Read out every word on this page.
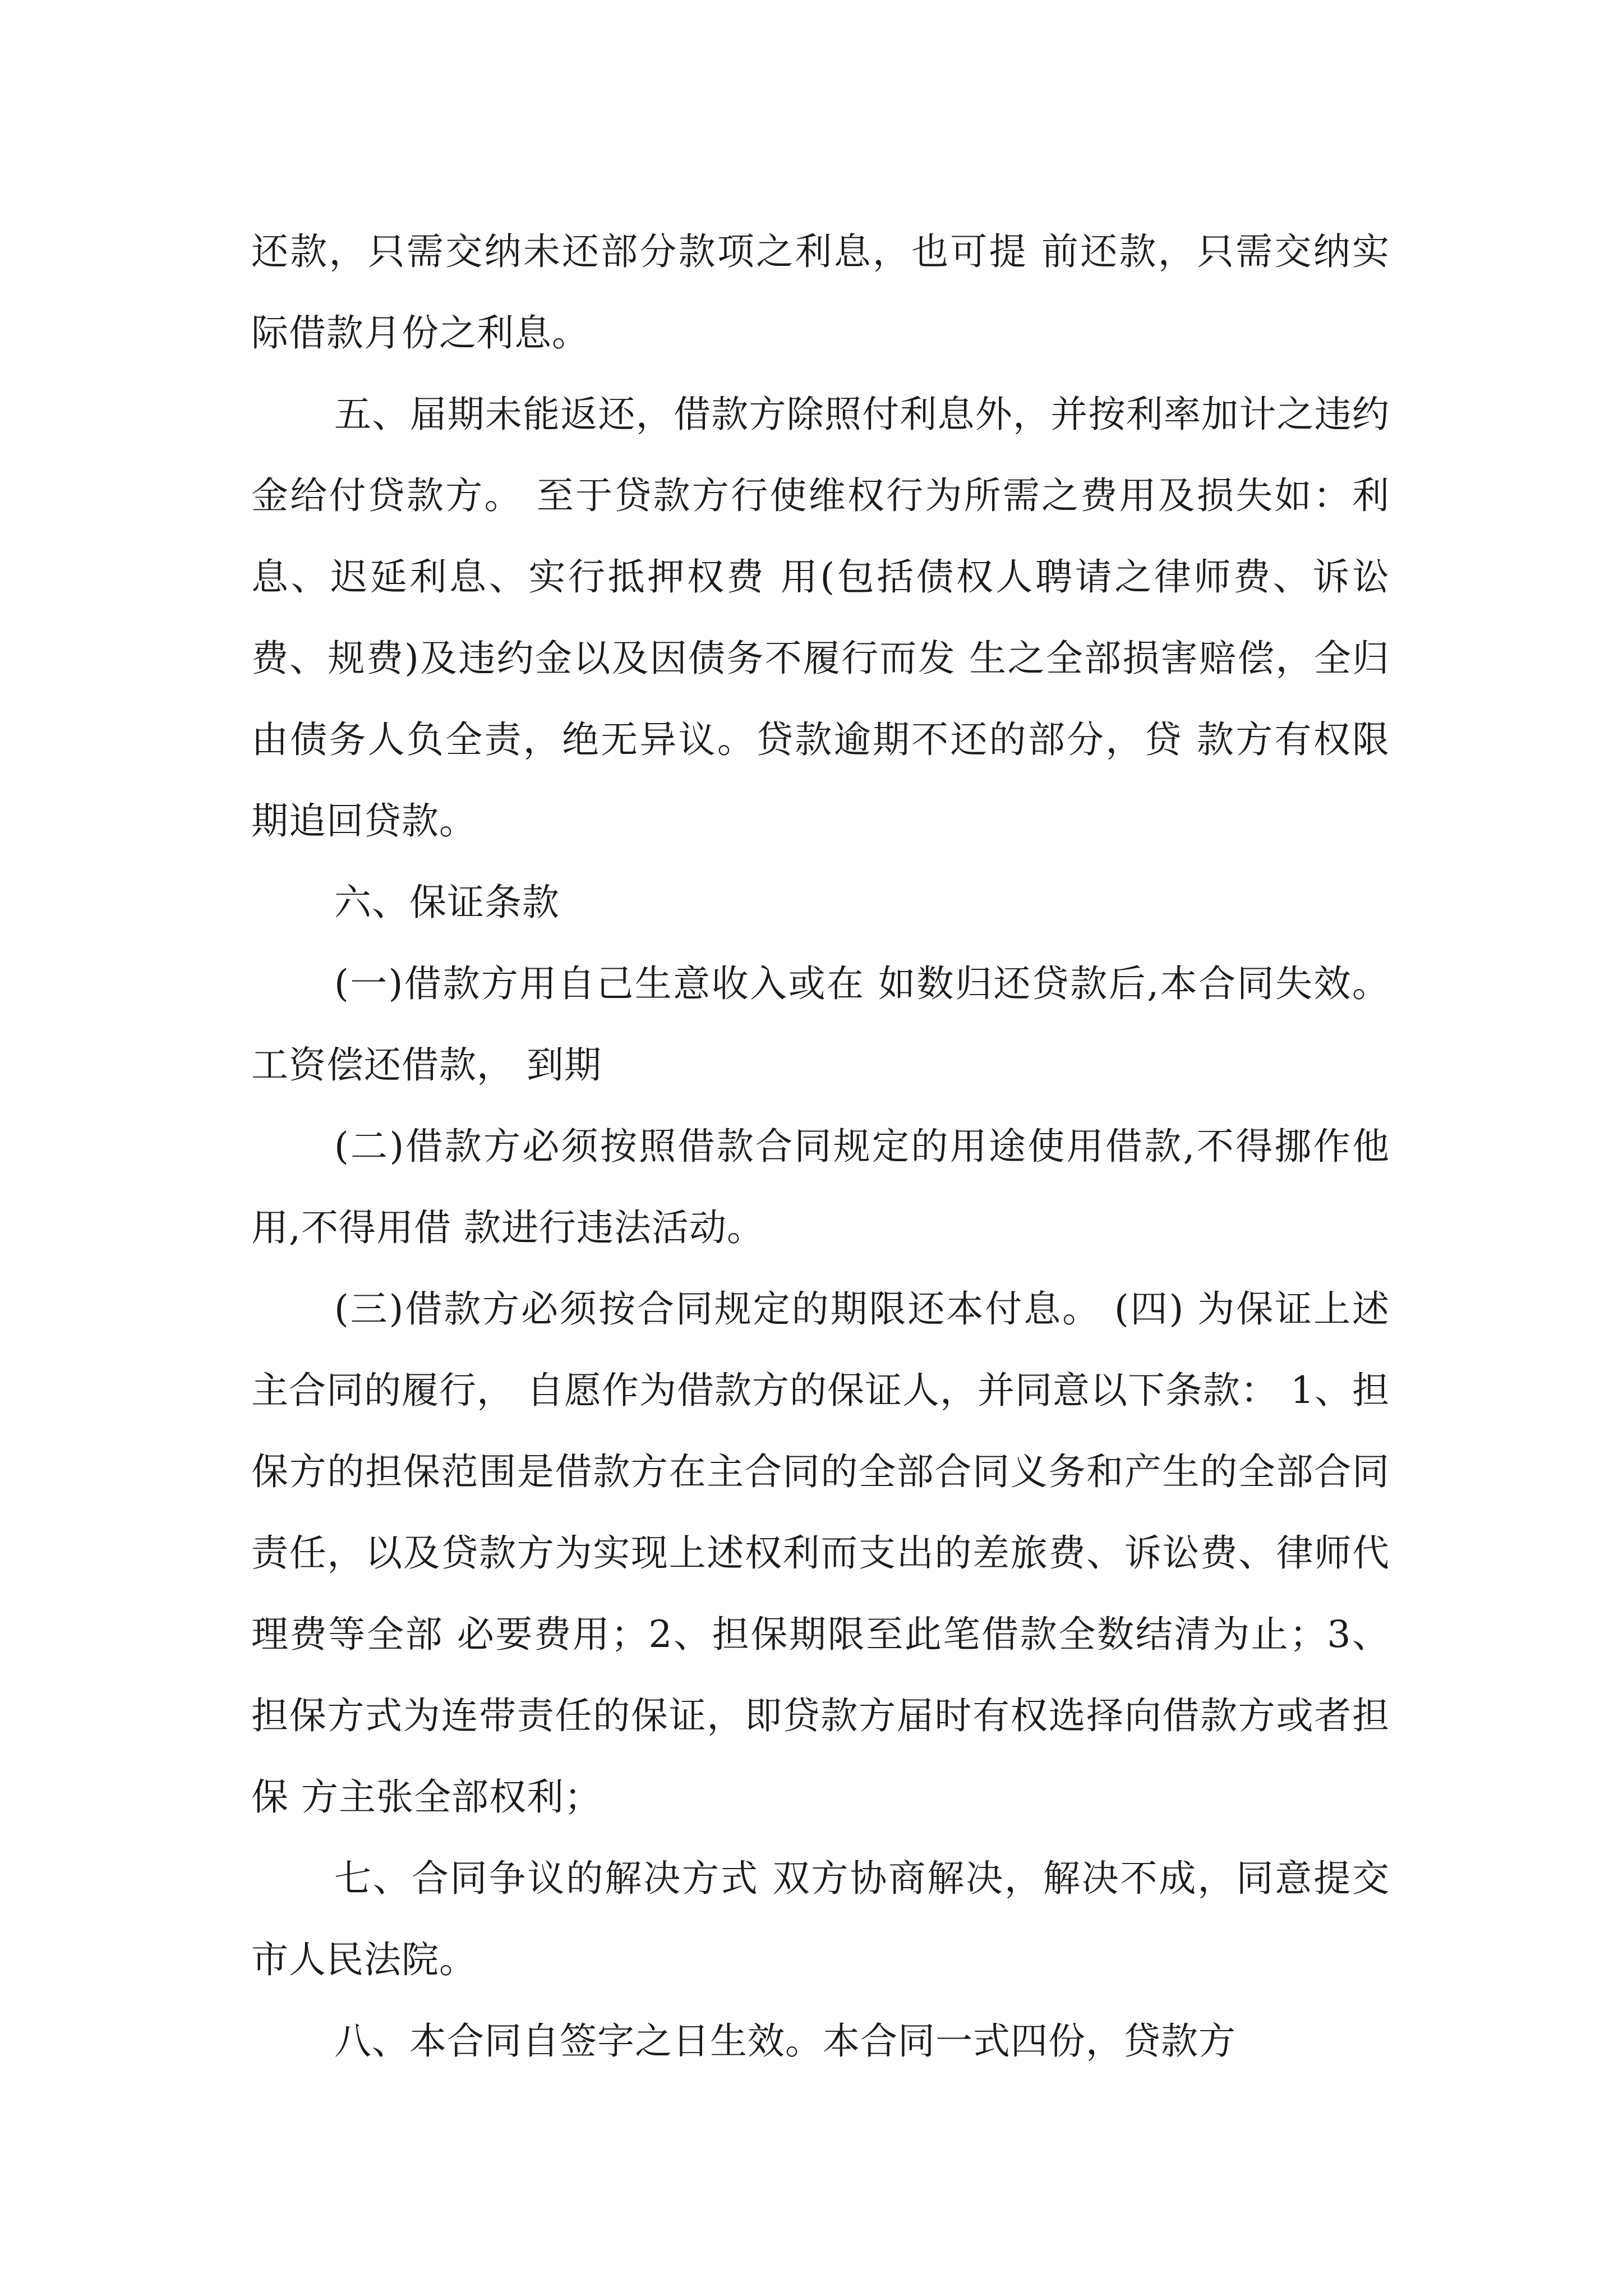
还款，只需交纳未还部分款项之利息，也可提 前还款，只需交纳实际借款月份之利息。

五、届期未能返还，借款方除照付利息外，并按利率加计之违约金给付贷款方。 至于贷款方行使维权行为所需之费用及损失如：利息、迟延利息、实行抵押权费 用(包括债权人聘请之律师费、诉讼费、规费)及违约金以及因债务不履行而发 生之全部损害赔偿，全归由债务人负全责，绝无异议。贷款逾期不还的部分，贷 款方有权限期追回贷款。

六、保证条款

(一)借款方用自己生意收入或在 如数归还贷款后,本合同失效。 工资偿还借款， 到期

(二)借款方必须按照借款合同规定的用途使用借款,不得挪作他用,不得用借 款进行违法活动。

(三)借款方必须按合同规定的期限还本付息。 (四) 为保证上述主合同的履行， 自愿作为借款方的保证人，并同意以下条款： 1、担保方的担保范围是借款方在主合同的全部合同义务和产生的全部合同 责任，以及贷款方为实现上述权利而支出的差旅费、诉讼费、律师代理费等全部 必要费用；2、担保期限至此笔借款全数结清为止；3、担保方式为连带责任的保证，即贷款方届时有权选择向借款方或者担保 方主张全部权利；

七、合同争议的解决方式 双方协商解决，解决不成，同意提交 市人民法院。

八、本合同自签字之日生效。本合同一式四份，贷款方
